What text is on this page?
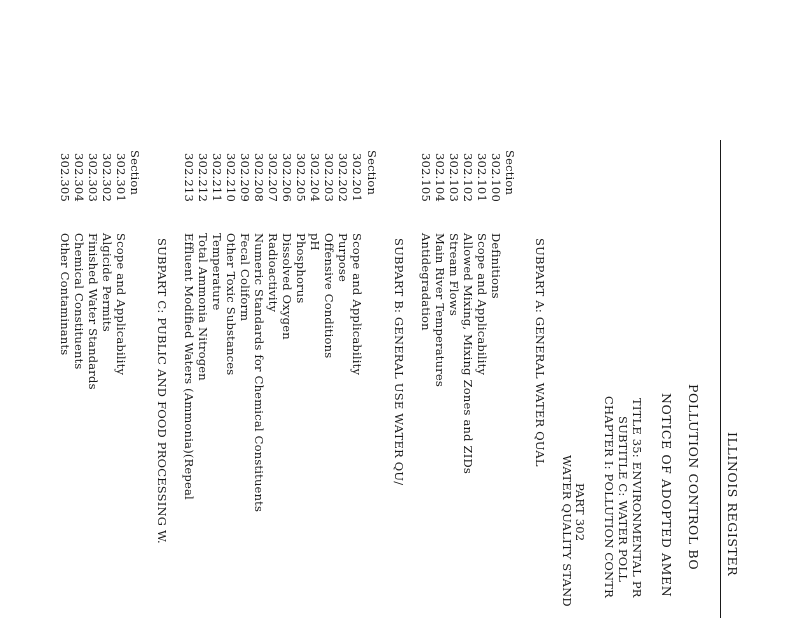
ILLINOIS REGISTER
POLLUTION CONTROL BO
NOTICE OF ADOPTED AMEN
TITLE 35: ENVIRONMENTAL PR
SUBTITLE C: WATER POLL
CHAPTER I: POLLUTION CONTR
PART 302
WATER QUALITY STAND
SUBPART A: GENERAL WATER QUAL
Section
302.100
Definitions
302.101
Scope and Applicability
302.102
Allowed Mixing, Mixing Zones and ZIDs
302.103
Stream Flows
302.104
Main River Temperatures
302.105
Antidegradation
SUBPART B: GENERAL USE WATER QU/
Section
302.201
Scope and Applicability
302.202
Purpose
302.203
Offensive Conditions
302.204
pH
302.205
Phosphorus
302.206
Dissolved Oxygen
302.207
Radioactivity
302.208
Numeric Standards for Chemical Constituents
302.209
Fecal Coliform
302.210
Other Toxic Substances
302.211
Temperature
302.212
Total Ammonia Nitrogen
302.213
Effluent Modified Waters (Ammonia)(Repeal
SUBPART C: PUBLIC AND FOOD PROCESSING W.
Section
302.301
Scope and Applicability
302.302
Algicide Permits
302.303
Finished Water Standards
302.304
Chemical Constituents
302.305
Other Contaminants
